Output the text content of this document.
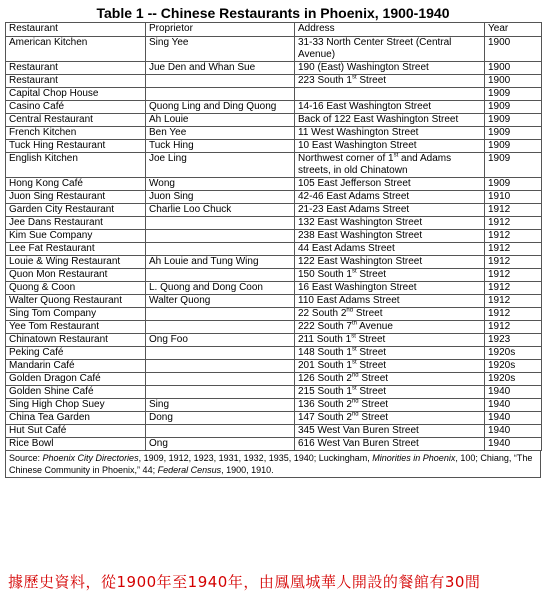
Table 1 -- Chinese Restaurants in Phoenix, 1900-1940
Restaurant	Proprietor	Address	Year
American Kitchen	Sing Yee	31-33 North Center Street (Central Avenue)	1900
Restaurant	Jue Den and Whan Sue	190 (East) Washington Street	1900
Restaurant		223 South 1st Street	1900
Capital Chop House			1909
Casino Café	Quong Ling and Ding Quong	14-16 East Washington Street	1909
Central Restaurant	Ah Louie	Back of 122 East Washington Street	1909
French Kitchen	Ben Yee	11 West Washington Street	1909
Tuck Hing Restaurant	Tuck Hing	10 East Washington Street	1909
English Kitchen	Joe Ling	Northwest corner of 1st and Adams streets, in old Chinatown	1909
Hong Kong Café	Wong	105 East Jefferson Street	1909
Juon Sing Restaurant	Juon Sing	42-46 East Adams Street	1910
Garden City Restaurant	Charlie Loo Chuck	21-23 East Adams Street	1912
Jee Dans Restaurant		132 East Washington Street	1912
Kim Sue Company		238 East Washington Street	1912
Lee Fat Restaurant		44 East Adams Street	1912
Louie & Wing Restaurant	Ah Louie and Tung Wing	122 East Washington Street	1912
Quon Mon Restaurant		150 South 1st Street	1912
Quong & Coon	L. Quong and Dong Coon	16 East Washington Street	1912
Walter Quong Restaurant	Walter Quong	110 East Adams Street	1912
Sing Tom Company		22 South 2nd Street	1912
Yee Tom Restaurant		222 South 7th Avenue	1912
Chinatown Restaurant	Ong Foo	211 South 1st Street	1923
Peking Café		148 South 1st Street	1920s
Mandarin Café		201 South 1st Street	1920s
Golden Dragon Café		126 South 2nd Street	1920s
Golden Shine Café		215 South 1st Street	1940
Sing High Chop Suey	Sing	136 South 2nd Street	1940
China Tea Garden	Dong	147 South 2nd Street	1940
Hut Sut Café		345 West Van Buren Street	1940
Rice Bowl	Ong	616 West Van Buren Street	1940
Source: Phoenix City Directories, 1909, 1912, 1923, 1931, 1932, 1935, 1940; Luckingham, Minorities in Phoenix, 100; Chiang, “The Chinese Community in Phoenix,” 44; Federal Census, 1900, 1910.
據歷史資料，從1900年至1940年，由鳳凰城華人開設的餐館有30間
